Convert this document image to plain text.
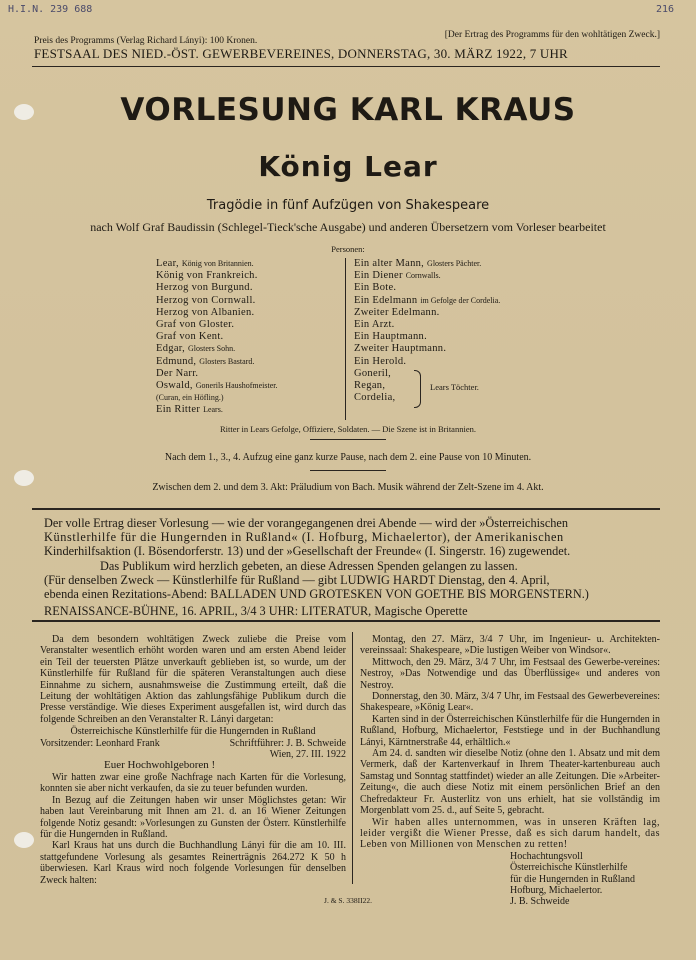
H.I.N. 239 688	216
Preis des Programms (Verlag Richard Lányi): 100 Kronen.
[Der Ertrag des Programms für den wohltätigen Zweck.]
FESTSAAL DES NIED.-ÖST. GEWERBEVEREINES, DONNERSTAG, 30. MÄRZ 1922, 7 UHR
VORLESUNG KARL KRAUS
König Lear
Tragödie in fünf Aufzügen von Shakespeare
nach Wolf Graf Baudissin (Schlegel-Tieck'sche Ausgabe) und anderen Übersetzern vom Vorleser bearbeitet
Personen:
Lear, König von Britannien.
König von Frankreich.
Herzog von Burgund.
Herzog von Cornwall.
Herzog von Albanien.
Graf von Gloster.
Graf von Kent.
Edgar, Glosters Sohn.
Edmund, Glosters Bastard.
Der Narr.
Oswald, Gonerils Haushofmeister.
(Curan, ein Höfling.)
Ein Ritter Lears.
Ein alter Mann, Glosters Pächter.
Ein Diener Cornwalls.
Ein Bote.
Ein Edelmann im Gefolge der Cordelia.
Zweiter Edelmann.
Ein Arzt.
Ein Hauptmann.
Zweiter Hauptmann.
Ein Herold.
Goneril,
Regan,
Cordelia,
Lears Töchter.
Ritter in Lears Gefolge, Offiziere, Soldaten. — Die Szene ist in Britannien.
Nach dem 1., 3., 4. Aufzug eine ganz kurze Pause, nach dem 2. eine Pause von 10 Minuten.
Zwischen dem 2. und dem 3. Akt: Präludium von Bach. Musik während der Zelt-Szene im 4. Akt.
Der volle Ertrag dieser Vorlesung — wie der vorangegangenen drei Abende — wird der »Österreichischen
Künstlerhilfe für die Hungernden in Rußland« (I. Hofburg, Michaelertor), der Amerikanischen
Kinderhilfsaktion (I. Bösendorferstr. 13) und der »Gesellschaft der Freunde« (I. Singerstr. 16) zugewendet.
Das Publikum wird herzlich gebeten, an diese Adressen Spenden gelangen zu lassen.
(Für denselben Zweck — Künstlerhilfe für Rußland — gibt LUDWIG HARDT Dienstag, den 4. April,
ebenda einen Rezitations-Abend: BALLADEN UND GROTESKEN VON GOETHE BIS MORGENSTERN.)
RENAISSANCE-BÜHNE, 16. APRIL, 3/4 3 UHR: LITERATUR, Magische Operette

Da dem besondern wohltätigen Zweck zuliebe die Preise vom Veranstalter wesentlich erhöht worden waren und am ersten Abend leider ein Teil der teuersten Plätze unverkauft geblieben ist, so wurde, um der Künstlerhilfe für Rußland für die späteren Veranstaltungen auch diese Einnahme zu sichern, ausnahmsweise die Zustimmung erteilt, daß die Leitung der wohltätigen Aktion das zahlungsfähige Publikum durch die Presse verständige. Wie dieses Experiment ausgefallen ist, wird durch das folgende Schreiben an den Veranstalter R. Lányi dargetan:

Österreichische Künstlerhilfe für die Hungernden in Rußland
Vorsitzender: Leonhard Frank	Schriftführer: J. B. Schweide
Wien, 27. III. 1922
Euer Hochwohlgeboren !

Wir hatten zwar eine große Nachfrage nach Karten für die Vorlesung, konnten sie aber nicht verkaufen, da sie zu teuer befunden wurden.

In Bezug auf die Zeitungen haben wir unser Möglichstes getan: Wir haben laut Vereinbarung mit Ihnen am 21. d. an 16 Wiener Zeitungen folgende Notiz gesandt: »Vorlesungen zu Gunsten der Österr. Künstlerhilfe für die Hungernden in Rußland.

Karl Kraus hat uns durch die Buchhandlung Lányi für die am 10. III. stattgefundene Vorlesung als gesamtes Reinerträgnis 264.272 K 50 h überwiesen. Karl Kraus wird noch folgende Vorlesungen für denselben Zweck halten:

Montag, den 27. März, 3/4 7 Uhr, im Ingenieur- u. Architekten-vereinssaal: Shakespeare, »Die lustigen Weiber von Windsor«.

Mittwoch, den 29. März, 3/4 7 Uhr, im Festsaal des Gewerbe-vereines: Nestroy, »Das Notwendige und das Überflüssige« und anderes von Nestroy.

Donnerstag, den 30. März, 3/4 7 Uhr, im Festsaal des Gewerbevereines: Shakespeare, »König Lear«.

Karten sind in der Österreichischen Künstlerhilfe für die Hungernden in Rußland, Hofburg, Michaelertor, Feststiege und in der Buchhandlung Lányi, Kärntnerstraße 44, erhältlich.«

Am 24. d. sandten wir dieselbe Notiz (ohne den 1. Absatz und mit dem Vermerk, daß der Kartenverkauf in Ihrem Theater-kartenbureau auch Samstag und Sonntag stattfindet) wieder an alle Zeitungen. Die »Arbeiter-Zeitung«, die auch diese Notiz mit einem persönlichen Brief an den Chefredakteur Fr. Austerlitz von uns erhielt, hat sie vollständig im Morgenblatt vom 25. d., auf Seite 5, gebracht.

Wir haben alles unternommen, was in unseren Kräften lag, leider vergißt die Wiener Presse, daß es sich darum handelt, das Leben von Millionen von Menschen zu retten!

Hochachtungsvoll
Österreichische Künstlerhilfe
für die Hungernden in Rußland
Hofburg, Michaelertor.
J. B. Schweide
J. & S. 338II22.
